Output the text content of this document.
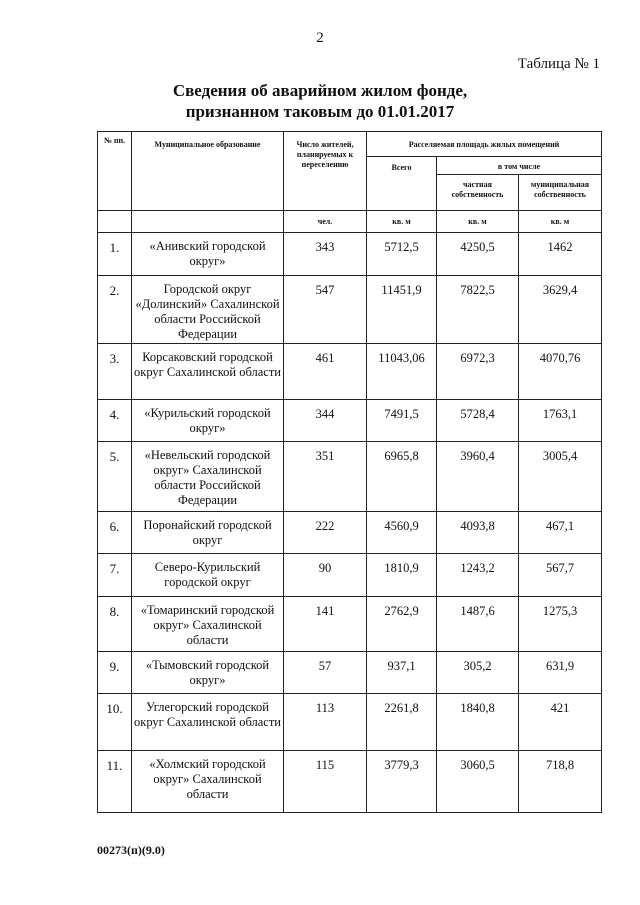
2
Таблица № 1
Сведения об аварийном жилом фонде,
признанном таковым до 01.01.2017
№ пп.	Муниципальное образование	Число жителей, планируемых к переселению	Расселяемая площадь жилых помещений		
			Всего	в том числе	
				частная собственность	муниципальная собственность
		чел.	кв. м	кв. м	кв. м
1.	«Анивский городской округ»	343	5712,5	4250,5	1462
2.	Городской округ «Долинский» Сахалинской области Российской Федерации	547	11451,9	7822,5	3629,4
3.	Корсаковский городской округ Сахалинской области	461	11043,06	6972,3	4070,76
4.	«Курильский городской округ»	344	7491,5	5728,4	1763,1
5.	«Невельский городской округ» Сахалинской области Российской Федерации	351	6965,8	3960,4	3005,4
6.	Поронайский городской округ	222	4560,9	4093,8	467,1
7.	Северо-Курильский городской округ	90	1810,9	1243,2	567,7
8.	«Томаринский городской округ» Сахалинской области	141	2762,9	1487,6	1275,3
9.	«Тымовский городской округ»	57	937,1	305,2	631,9
10.	Углегорский городской округ Сахалинской области	113	2261,8	1840,8	421
11.	«Холмский городской округ» Сахалинской области	115	3779,3	3060,5	718,8
00273(п)(9.0)
